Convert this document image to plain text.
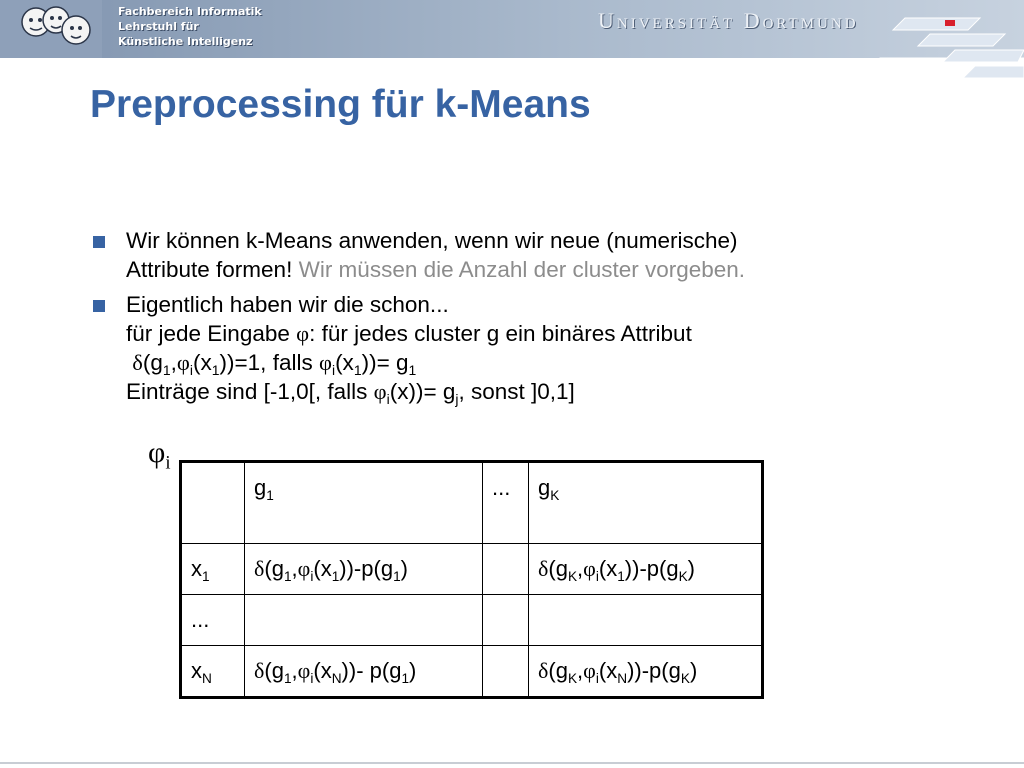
Fachbereich Informatik
Lehrstuhl für
Künstliche Intelligenz
Universität Dortmund
Preprocessing für k-Means
Wir können k-Means anwenden, wenn wir neue (numerische)
Attribute formen! Wir müssen die Anzahl der cluster vorgeben.
Eigentlich haben wir die schon...
für jede Eingabe φ: für jedes cluster g ein binäres Attribut
$\delta(g_1,\varphi_i(x_1))=1$, falls $\varphi_i(x_1))= g_1$
Einträge sind [-1,0[, falls $\varphi_i(x))= g_j$, sonst ]0,1]
$\varphi_i$
	$g_1$	...	$g_K$
$x_1$	$\delta(g_1,\varphi_i(x_1))-p(g_1)$		$\delta(g_K,\varphi_i(x_1))-p(g_K)$
...			
$x_N$	$\delta(g_1,\varphi_i(x_N))-$ $p(g_1)$		$\delta(g_K,\varphi_i(x_N))-p(g_K)$
